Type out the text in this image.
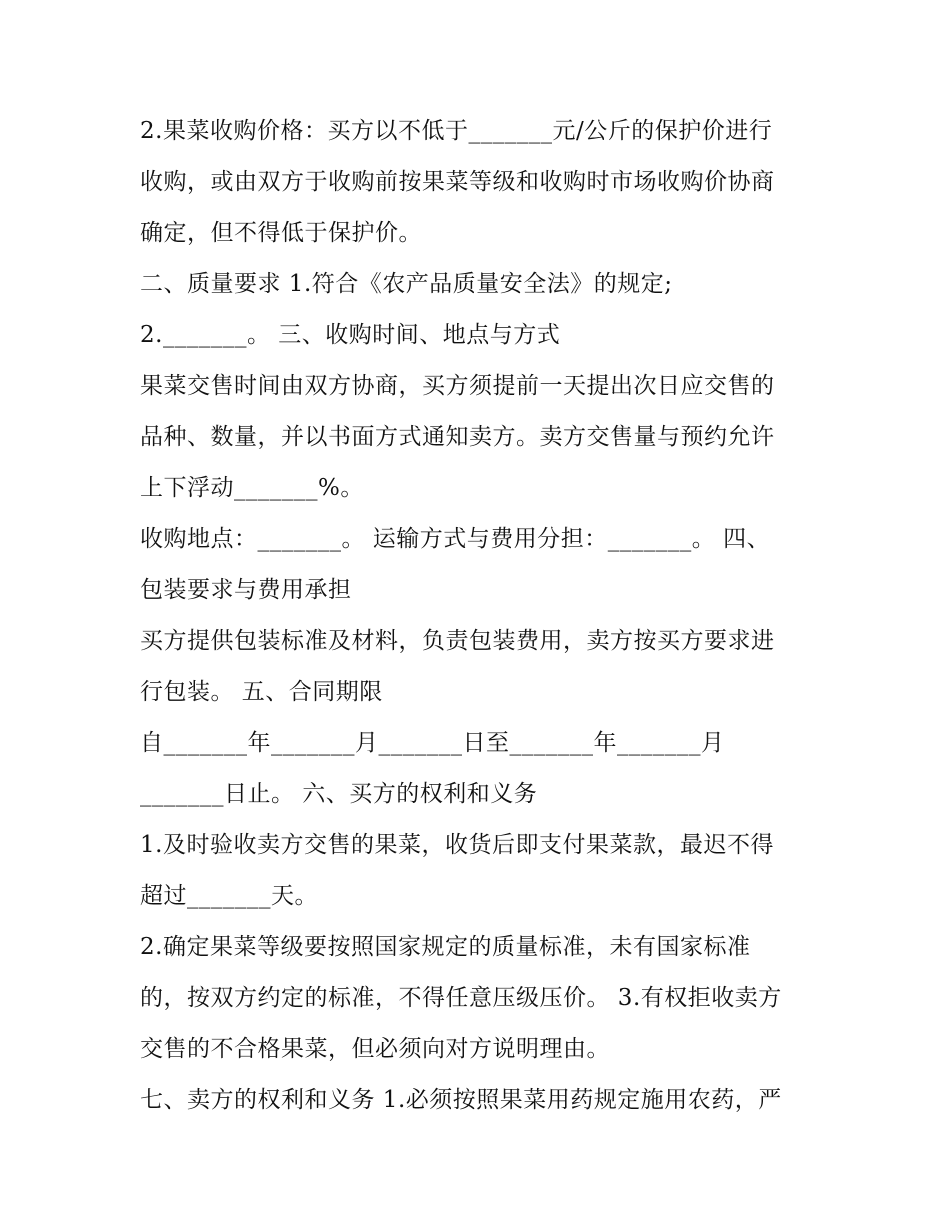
2.果菜收购价格：买方以不低于_______元/公斤的保护价进行
收购，或由双方于收购前按果菜等级和收购时市场收购价协商
确定，但不得低于保护价。
二、质量要求 1.符合《农产品质量安全法》的规定;
2._______。 三、收购时间、地点与方式
果菜交售时间由双方协商，买方须提前一天提出次日应交售的
品种、数量，并以书面方式通知卖方。卖方交售量与预约允许
上下浮动_______%。
收购地点：_______。 运输方式与费用分担：_______。 四、
包装要求与费用承担
买方提供包装标准及材料，负责包装费用，卖方按买方要求进
行包装。 五、合同期限
自_______年_______月_______日至_______年_______月
_______日止。 六、买方的权利和义务
1.及时验收卖方交售的果菜，收货后即支付果菜款，最迟不得
超过_______天。
2.确定果菜等级要按照国家规定的质量标准，未有国家标准
的，按双方约定的标准，不得任意压级压价。 3.有权拒收卖方
交售的不合格果菜，但必须向对方说明理由。
七、卖方的权利和义务 1.必须按照果菜用药规定施用农药，严
